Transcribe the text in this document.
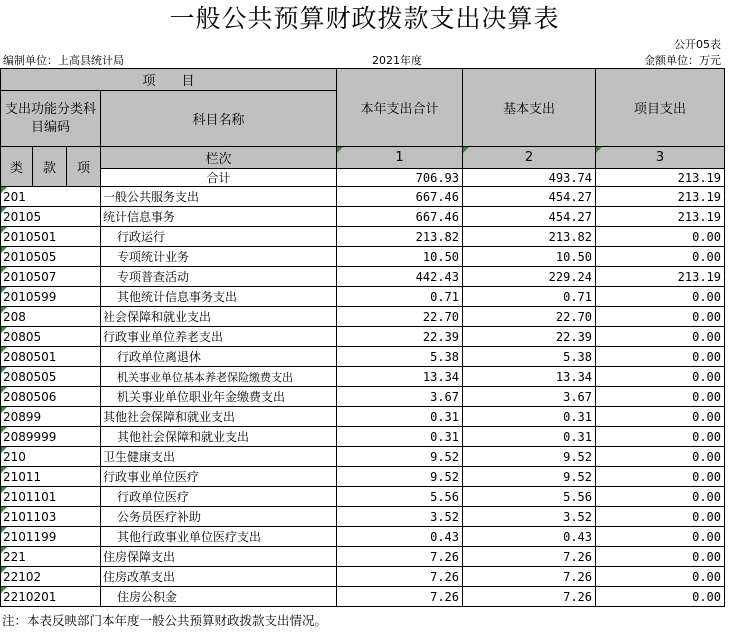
一般公共预算财政拨款支出决算表
公开05表
编制单位：上高县统计局	2021年度	金额单位：万元
项　　目				本年支出合计	基本支出	项目支出
支出功能分类科目编码			科目名称			

类	款	项	栏次	1	2	3
			合计	706.93	493.74	213.19
201			一般公共服务支出	667.46	454.27	213.19
20105			统计信息事务	667.46	454.27	213.19
2010501			行政运行	213.82	213.82	0.00
2010505			专项统计业务	10.50	10.50	0.00
2010507			专项普查活动	442.43	229.24	213.19
2010599			其他统计信息事务支出	0.71	0.71	0.00
208			社会保障和就业支出	22.70	22.70	0.00
20805			行政事业单位养老支出	22.39	22.39	0.00
2080501			行政单位离退休	5.38	5.38	0.00
2080505			机关事业单位基本养老保险缴费支出	13.34	13.34	0.00
2080506			机关事业单位职业年金缴费支出	3.67	3.67	0.00
20899			其他社会保障和就业支出	0.31	0.31	0.00
2089999			其他社会保障和就业支出	0.31	0.31	0.00
210			卫生健康支出	9.52	9.52	0.00
21011			行政事业单位医疗	9.52	9.52	0.00
2101101			行政单位医疗	5.56	5.56	0.00
2101103			公务员医疗补助	3.52	3.52	0.00
2101199			其他行政事业单位医疗支出	0.43	0.43	0.00
221			住房保障支出	7.26	7.26	0.00
22102			住房改革支出	7.26	7.26	0.00
2210201			住房公积金	7.26	7.26	0.00
注：本表反映部门本年度一般公共预算财政拨款支出情况。
